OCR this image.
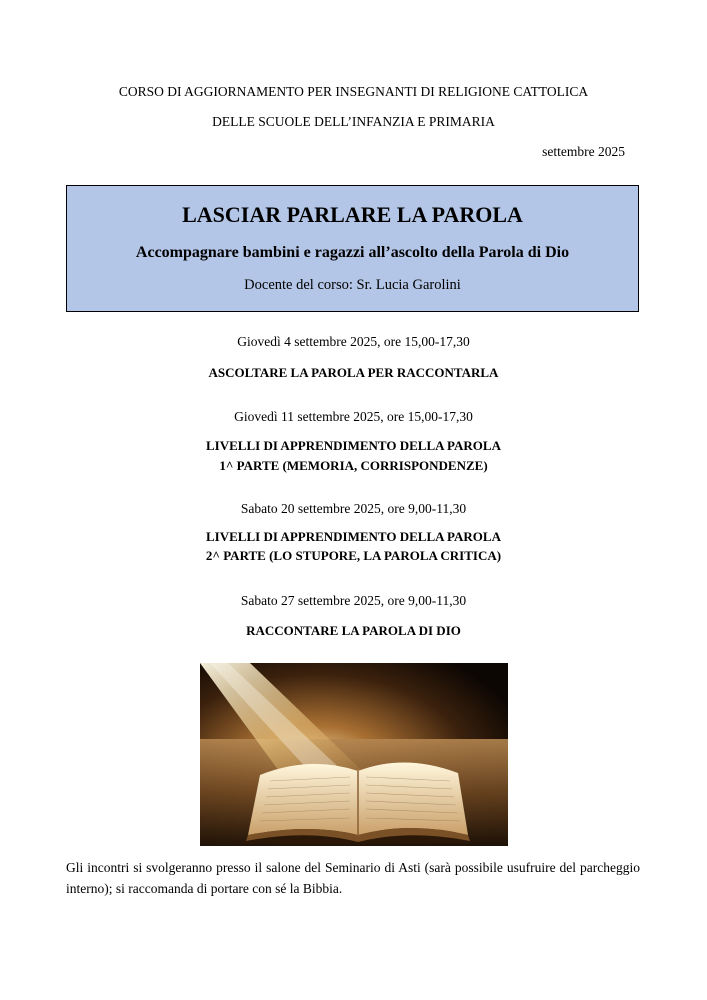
CORSO DI AGGIORNAMENTO PER INSEGNANTI DI RELIGIONE CATTOLICA
DELLE SCUOLE DELL’INFANZIA E PRIMARIA
settembre 2025
LASCIAR PARLARE LA PAROLA
Accompagnare bambini e ragazzi all’ascolto della Parola di Dio
Docente del corso: Sr. Lucia Garolini
Giovedì 4 settembre 2025, ore 15,00-17,30
ASCOLTARE LA PAROLA PER RACCONTARLA
Giovedì 11 settembre 2025, ore 15,00-17,30
LIVELLI DI APPRENDIMENTO DELLA PAROLA
1^ PARTE (MEMORIA, CORRISPONDENZE)
Sabato 20 settembre 2025, ore 9,00-11,30
LIVELLI DI APPRENDIMENTO DELLA PAROLA
2^ PARTE (LO STUPORE, LA PAROLA CRITICA)
Sabato 27 settembre 2025, ore 9,00-11,30
RACCONTARE LA PAROLA DI DIO
Gli incontri si svolgeranno presso il salone del Seminario di Asti (sarà possibile usufruire del parcheggio interno); si raccomanda di portare con sé la Bibbia.
